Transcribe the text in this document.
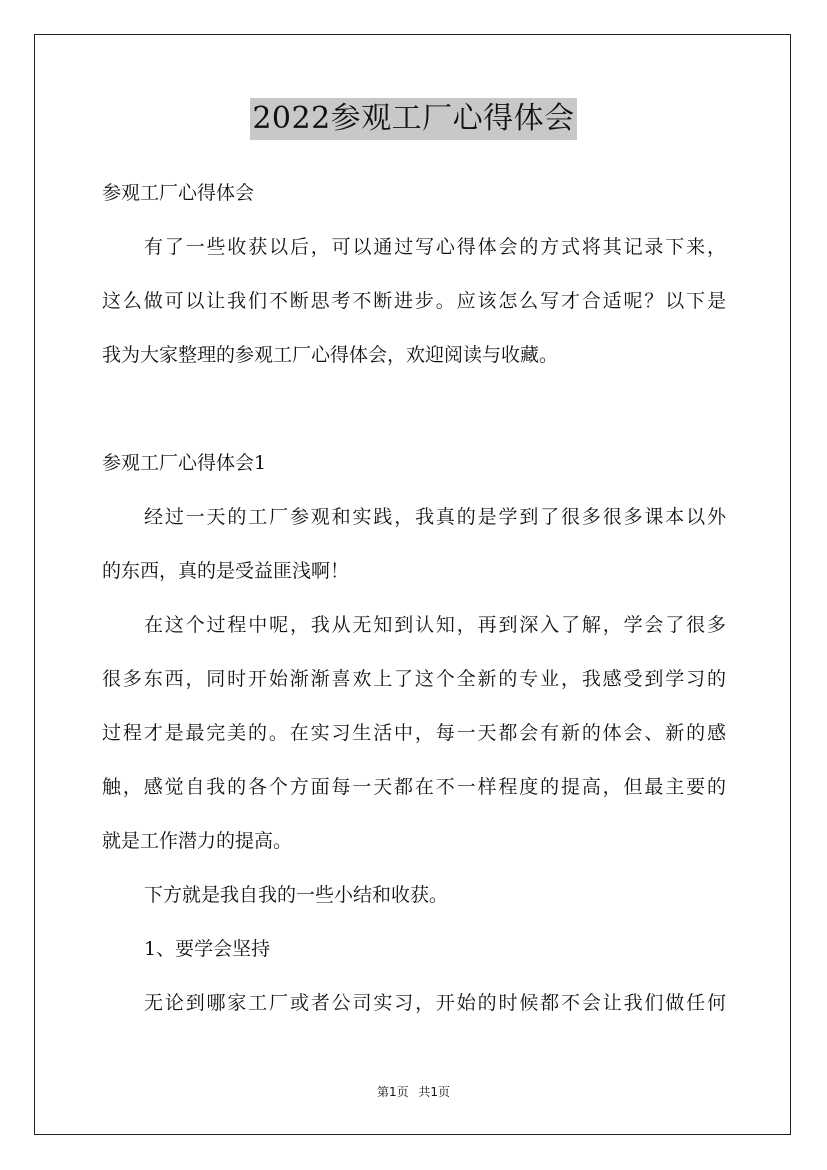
2022参观工厂心得体会
参观工厂心得体会
有了一些收获以后，可以通过写心得体会的方式将其记录下来，
这么做可以让我们不断思考不断进步。应该怎么写才合适呢？以下是
我为大家整理的参观工厂心得体会，欢迎阅读与收藏。
参观工厂心得体会1
经过一天的工厂参观和实践，我真的是学到了很多很多课本以外
的东西，真的是受益匪浅啊！
在这个过程中呢，我从无知到认知，再到深入了解，学会了很多
很多东西，同时开始渐渐喜欢上了这个全新的专业，我感受到学习的
过程才是最完美的。在实习生活中，每一天都会有新的体会、新的感
触，感觉自我的各个方面每一天都在不一样程度的提高，但最主要的
就是工作潜力的提高。
下方就是我自我的一些小结和收获。
1、要学会坚持
无论到哪家工厂或者公司实习，开始的时候都不会让我们做任何
第1页 共1页
